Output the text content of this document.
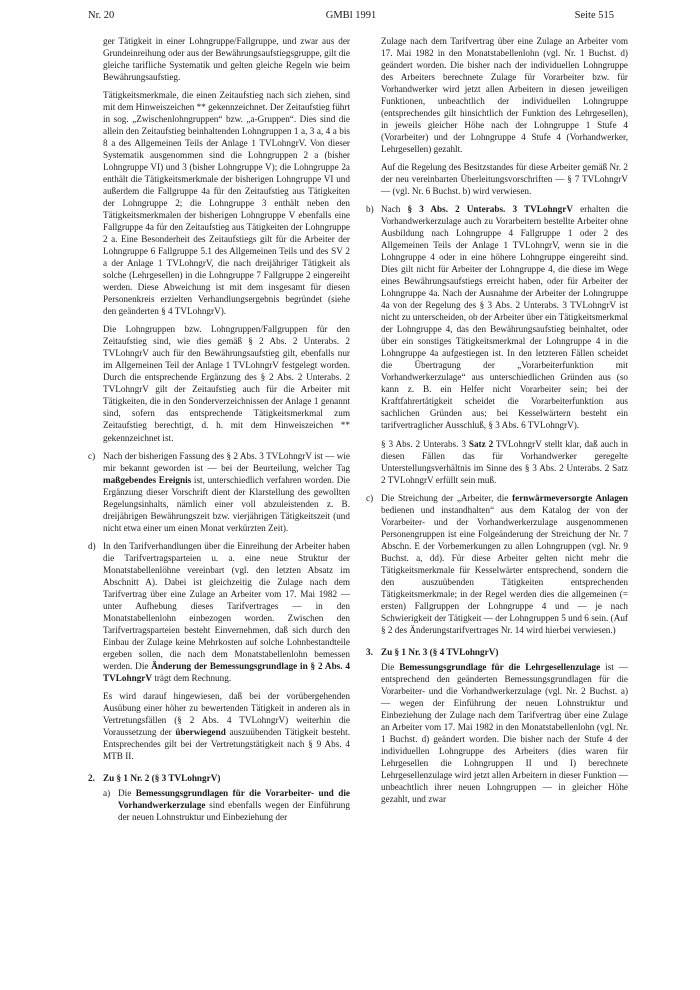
Nr. 20	GMBl 1991	Seite 515

ger Tätigkeit in einer Lohngruppe/Fallgruppe, und zwar aus der Grundeinreihung oder aus der Bewährungsaufstiegsgruppe, gilt die gleiche tarifliche Systematik und gelten gleiche Regeln wie beim Bewährungsaufstieg.

Tätigkeitsmerkmale, die einen Zeitaufstieg nach sich ziehen, sind mit dem Hinweiszeichen ** gekennzeichnet. Der Zeitaufstieg führt in sog. „Zwischenlohngruppen“ bzw. „a-Gruppen“. Dies sind die allein den Zeitaufstieg beinhaltenden Lohngruppen 1 a, 3 a, 4 a bis 8 a des Allgemeinen Teils der Anlage 1 TVLohngrV. Von dieser Systematik ausgenommen sind die Lohngruppen 2 a (bisher Lohngruppe VI) und 3 (bisher Lohngruppe V); die Lohngruppe 2a enthält die Tätigkeitsmerkmale der bisherigen Lohngruppe VI und außerdem die Fallgruppe 4a für den Zeitaufstieg aus Tätigkeiten der Lohngruppe 2; die Lohngruppe 3 enthält neben den Tätigkeitsmerkmalen der bisherigen Lohngruppe V ebenfalls eine Fallgruppe 4a für den Zeitaufstieg aus Tätigkeiten der Lohngruppe 2 a. Eine Besonderheit des Zeitaufstiegs gilt für die Arbeiter der Lohngruppe 6 Fallgruppe 5.1 des Allgemeinen Teils und des SV 2 a der Anlage 1 TVLohngrV, die nach dreijähriger Tätigkeit als solche (Lehrgesellen) in die Lohngruppe 7 Fallgruppe 2 eingereiht werden. Diese Abweichung ist mit dem insgesamt für diesen Personenkreis erzielten Verhandlungsergebnis begründet (siehe den geänderten § 4 TVLohngrV).

Die Lohngruppen bzw. Lohngruppen/Fallgruppen für den Zeitaufstieg sind, wie dies gemäß § 2 Abs. 2 Unterabs. 2 TVLohngrV auch für den Bewährungsaufstieg gilt, ebenfalls nur im Allgemeinen Teil der Anlage 1 TVLohngrV festgelegt worden. Durch die entsprechende Ergänzung des § 2 Abs. 2 Unterabs. 2 TVLohngrV gilt der Zeitaufstieg auch für die Arbeiter mit Tätigkeiten, die in den Sonderverzeichnissen der Anlage 1 genannt sind, sofern das entsprechende Tätigkeitsmerkmal zum Zeitaufstieg berechtigt, d. h. mit dem Hinweiszeichen ** gekennzeichnet ist.

c) Nach der bisherigen Fassung des § 2 Abs. 3 TVLohngrV ist — wie mir bekannt geworden ist — bei der Beurteilung, welcher Tag maßgebendes Ereignis ist, unterschiedlich verfahren worden. Die Ergänzung dieser Vorschrift dient der Klarstellung des gewollten Regelungsinhalts, nämlich einer voll abzuleistenden z. B. dreijährigen Bewährungszeit bzw. vierjährigen Tätigkeitszeit (und nicht etwa einer um einen Monat verkürzten Zeit).

d) In den Tarifverhandlungen über die Einreihung der Arbeiter haben die Tarifvertragsparteien u. a. eine neue Struktur der Monatstabellenlöhne vereinbart (vgl. den letzten Absatz im Abschnitt A). Dabei ist gleichzeitig die Zulage nach dem Tarifvertrag über eine Zulage an Arbeiter vom 17. Mai 1982 — unter Aufhebung dieses Tarifvertrages — in den Monatstabellenlohn einbezogen worden. Zwischen den Tarifvertragsparteien besteht Einvernehmen, daß sich durch den Einbau der Zulage keine Mehrkosten auf solche Lohnbestandteile ergeben sollen, die nach dem Monatstabellenlohn bemessen werden. Die Änderung der Bemessungsgrundlage in § 2 Abs. 4 TVLohngrV trägt dem Rechnung.

Es wird darauf hingewiesen, daß bei der vorübergehenden Ausübung einer höher zu bewertenden Tätigkeit in anderen als in Vertretungsfällen (§ 2 Abs. 4 TVLohngrV) weiterhin die Voraussetzung der überwiegend auszuübenden Tätigkeit besteht. Entsprechendes gilt bei der Vertretungstätigkeit nach § 9 Abs. 4 MTB II.

2. Zu § 1 Nr. 2 (§ 3 TVLohngrV)

a) Die Bemessungsgrundlagen für die Vorarbeiter- und die Vorhandwerkerzulage sind ebenfalls wegen der Einführung der neuen Lohnstruktur und Einbeziehung der

Zulage nach dem Tarifvertrag über eine Zulage an Arbeiter vom 17. Mai 1982 in den Monatstabellenlohn (vgl. Nr. 1 Buchst. d) geändert worden. Die bisher nach der individuellen Lohngruppe des Arbeiters berechnete Zulage für Vorarbeiter bzw. für Vorhandwerker wird jetzt allen Arbeitern in diesen jeweiligen Funktionen, unbeachtlich der individuellen Lohngruppe (entsprechendes gilt hinsichtlich der Funktion des Lehrgesellen), in jeweils gleicher Höhe nach der Lohngruppe 1 Stufe 4 (Vorarbeiter) und der Lohngruppe 4 Stufe 4 (Vorhandwerker, Lehrgesellen) gezahlt.

Auf die Regelung des Besitzstandes für diese Arbeiter gemäß Nr. 2 der neu vereinbarten Überleitungsvorschriften — § 7 TVLohngrV — (vgl. Nr. 6 Buchst. b) wird verwiesen.

b) Nach § 3 Abs. 2 Unterabs. 3 TVLohngrV erhalten die Vorhandwerkerzulage auch zu Vorarbeitern bestellte Arbeiter ohne Ausbildung nach Lohngruppe 4 Fallgruppe 1 oder 2 des Allgemeinen Teils der Anlage 1 TVLohngrV, wenn sie in die Lohngruppe 4 oder in eine höhere Lohngruppe eingereiht sind. Dies gilt nicht für Arbeiter der Lohngruppe 4, die diese im Wege eines Bewährungsaufstiegs erreicht haben, oder für Arbeiter der Lohngruppe 4a. Nach der Ausnahme der Arbeiter der Lohngruppe 4a von der Regelung des § 3 Abs. 2 Unterabs. 3 TVLohngrV ist nicht zu unterscheiden, ob der Arbeiter über ein Tätigkeitsmerkmal der Lohngruppe 4, das den Bewährungsaufstieg beinhaltet, oder über ein sonstiges Tätigkeitsmerkmal der Lohngruppe 4 in die Lohngruppe 4a aufgestiegen ist. In den letzteren Fällen scheidet die Übertragung der „Vorarbeiterfunktion mit Vorhandwerkerzulage“ aus unterschiedlichen Gründen aus (so kann z. B. ein Helfer nicht Vorarbeiter sein; bei der Kraftfahrertätigkeit scheidet die Vorarbeiterfunktion aus sachlichen Gründen aus; bei Kesselwärtern besteht ein tarifvertraglicher Ausschluß, § 3 Abs. 6 TVLohngrV).

§ 3 Abs. 2 Unterabs. 3 Satz 2 TVLohngrV stellt klar, daß auch in diesen Fällen das für Vorhandwerker geregelte Unterstellungsverhältnis im Sinne des § 3 Abs. 2 Unterabs. 2 Satz 2 TVLohngrV erfüllt sein muß.

c) Die Streichung der „Arbeiter, die fernwärmeversorgte Anlagen bedienen und instandhalten“ aus dem Katalog der von der Vorarbeiter- und der Vorhandwerkerzulage ausgenommenen Personengruppen ist eine Folgeänderung der Streichung der Nr. 7 Abschn. E der Vorbemerkungen zu allen Lohngruppen (vgl. Nr. 9 Buchst. a, dd). Für diese Arbeiter gelten nicht mehr die Tätigkeitsmerkmale für Kesselwärter entsprechend, sondern die den auszuübenden Tätigkeiten entsprechenden Tätigkeitsmerkmale; in der Regel werden dies die allgemeinen (= ersten) Fallgruppen der Lohngruppe 4 und — je nach Schwierigkeit der Tätigkeit — der Lohngruppen 5 und 6 sein. (Auf § 2 des Änderungstarifvertrages Nr. 14 wird hierbei verwiesen.)

3. Zu § 1 Nr. 3 (§ 4 TVLohngrV)

Die Bemessungsgrundlage für die Lehrgesellenzulage ist — entsprechend den geänderten Bemessungsgrundlagen für die Vorarbeiter- und die Vorhandwerkerzulage (vgl. Nr. 2 Buchst. a) — wegen der Einführung der neuen Lohnstruktur und Einbeziehung der Zulage nach dem Tarifvertrag über eine Zulage an Arbeiter vom 17. Mai 1982 in den Monatstabellenlohn (vgl. Nr. 1 Buchst. d) geändert worden. Die bisher nach der Stufe 4 der individuellen Lohngruppe des Arbeiters (dies waren für Lehrgesellen die Lohngruppen II und I) berechnete Lehrgesellenzulage wird jetzt allen Arbeitern in dieser Funktion — unbeachtlich ihrer neuen Lohngruppen — in gleicher Höhe gezahlt, und zwar
